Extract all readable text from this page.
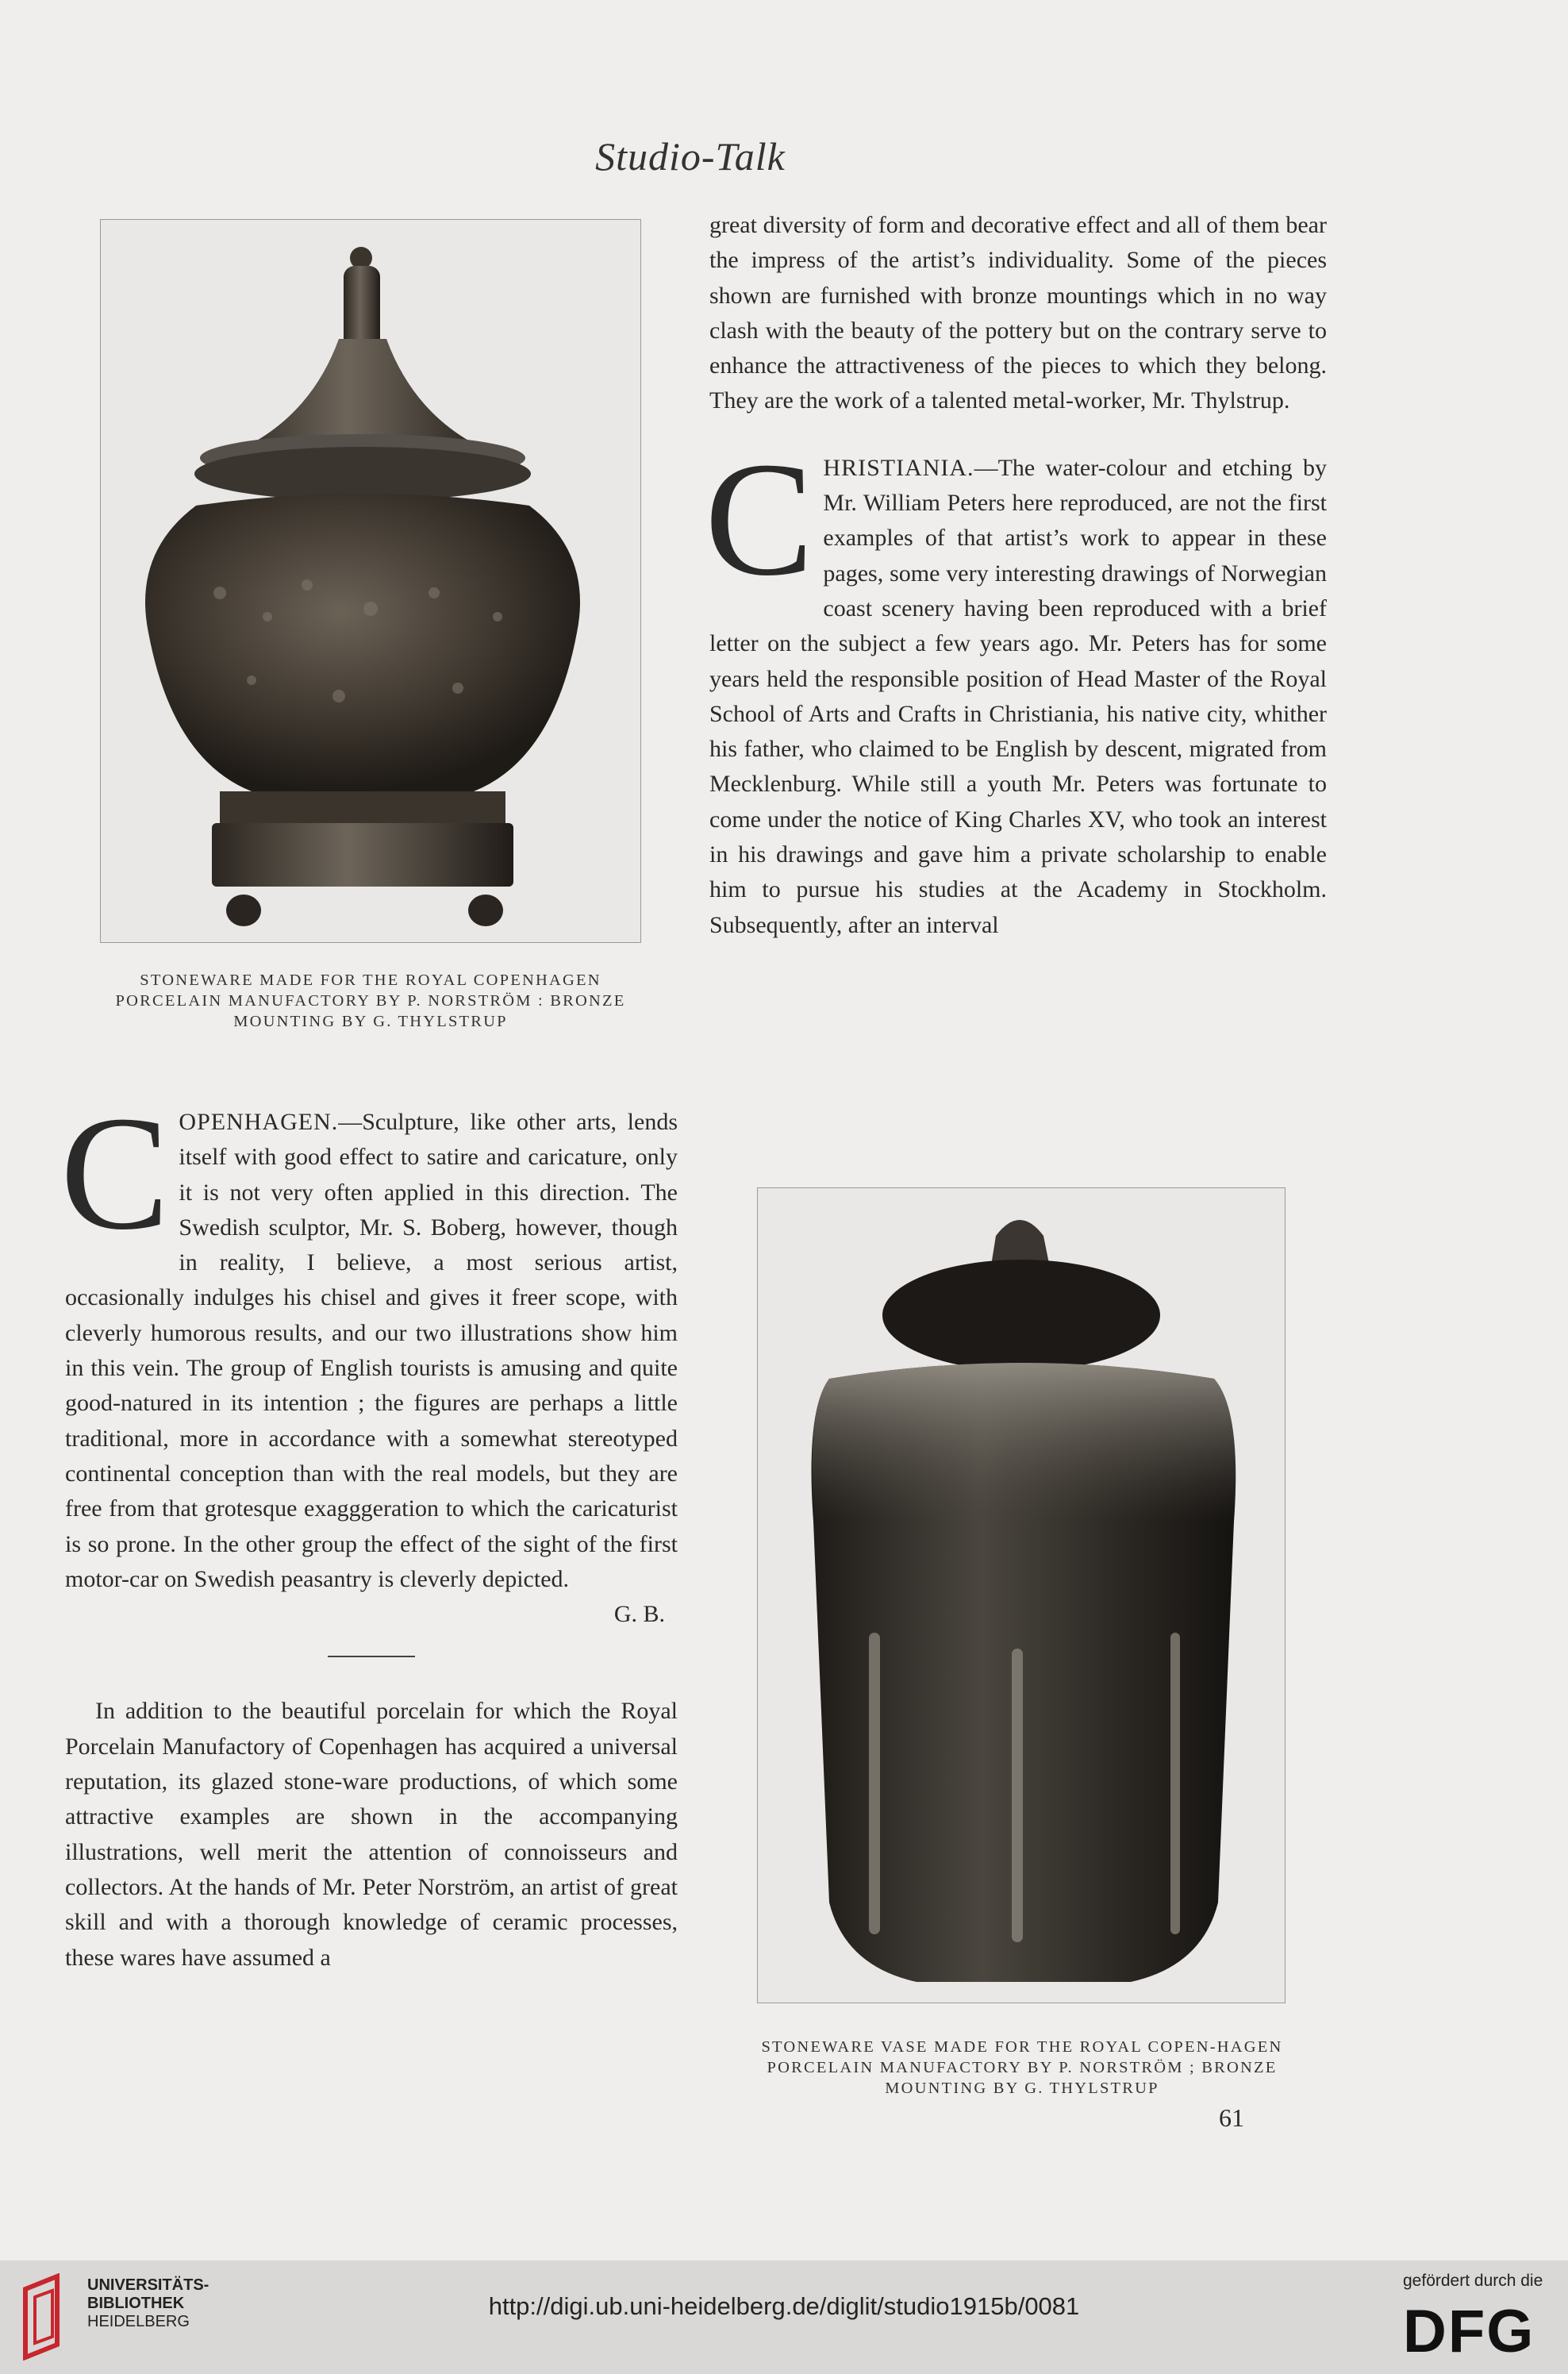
Studio-Talk
STONEWARE MADE FOR THE ROYAL COPENHAGEN PORCELAIN MANUFACTORY BY P. NORSTRÖM : BRONZE MOUNTING BY G. THYLSTRUP
C OPENHAGEN.—Sculpture, like other arts, lends itself with good effect to satire and caricature, only it is not very often applied in this direction. The Swedish sculptor, Mr. S. Boberg, however, though in reality, I believe, a most serious artist, occasionally indulges his chisel and gives it freer scope, with cleverly humorous results, and our two illustrations show him in this vein. The group of English tourists is amusing and quite good-natured in its intention ; the figures are perhaps a little traditional, more in accordance with a somewhat stereotyped continental conception than with the real models, but they are free from that grotesque exagggeration to which the caricaturist is so prone. In the other group the effect of the sight of the first motor-car on Swedish peasantry is cleverly depicted.

G. B.

In addition to the beautiful porcelain for which the Royal Porcelain Manufactory of Copenhagen has acquired a universal reputation, its glazed stone-ware productions, of which some attractive examples are shown in the accompanying illustrations, well merit the attention of connoisseurs and collectors. At the hands of Mr. Peter Norström, an artist of great skill and with a thorough knowledge of ceramic processes, these wares have assumed a

great diversity of form and decorative effect and all of them bear the impress of the artist’s individuality. Some of the pieces shown are furnished with bronze mountings which in no way clash with the beauty of the pottery but on the contrary serve to enhance the attractiveness of the pieces to which they belong. They are the work of a talented metal-worker, Mr. Thylstrup.

C HRISTIANIA.—The water-colour and etching by Mr. William Peters here reproduced, are not the first examples of that artist’s work to appear in these pages, some very interesting drawings of Norwegian coast scenery having been reproduced with a brief letter on the subject a few years ago. Mr. Peters has for some years held the responsible position of Head Master of the Royal School of Arts and Crafts in Christiania, his native city, whither his father, who claimed to be English by descent, migrated from Mecklenburg. While still a youth Mr. Peters was fortunate to come under the notice of King Charles XV, who took an interest in his drawings and gave him a private scholarship to enable him to pursue his studies at the Academy in Stockholm. Subsequently, after an interval
STONEWARE VASE MADE FOR THE ROYAL COPEN-HAGEN PORCELAIN MANUFACTORY BY P. NORSTRÖM ; BRONZE MOUNTING BY G. THYLSTRUP
61
UNIVERSITÄTS-
BIBLIOTHEK
HEIDELBERG
http://digi.ub.uni-heidelberg.de/diglit/studio1915b/0081
gefördert durch die
DFG
